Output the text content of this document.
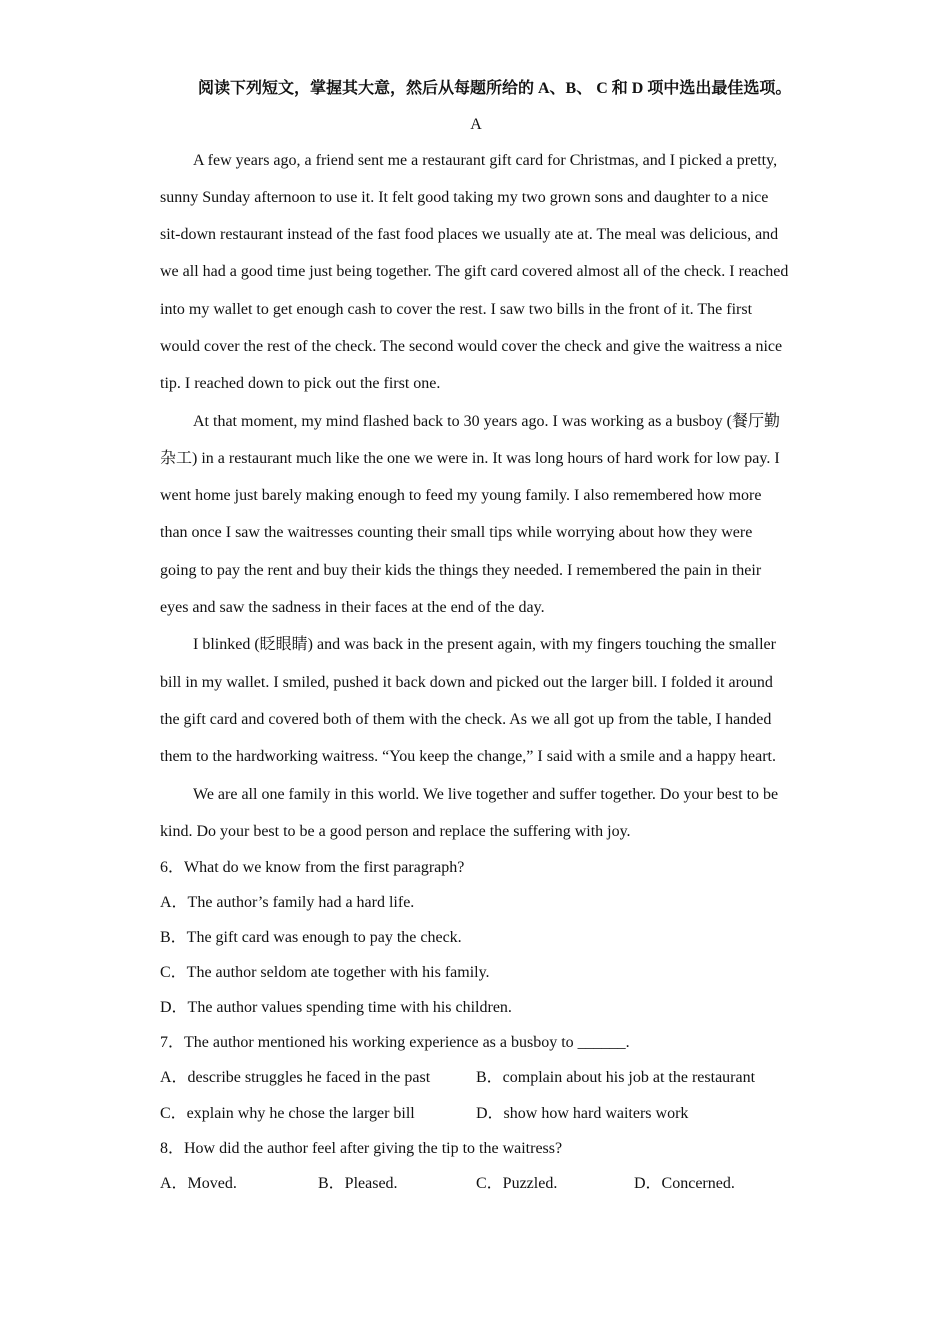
阅读下列短文，掌握其大意，然后从每题所给的 A、B、 C 和 D 项中选出最佳选项。

A

A few years ago, a friend sent me a restaurant gift card for Christmas, and I picked a pretty, sunny Sunday afternoon to use it. It felt good taking my two grown sons and daughter to a nice sit-down restaurant instead of the fast food places we usually ate at. The meal was delicious, and we all had a good time just being together. The gift card covered almost all of the check. I reached into my wallet to get enough cash to cover the rest. I saw two bills in the front of it. The first would cover the rest of the check. The second would cover the check and give the waitress a nice tip. I reached down to pick out the first one.

At that moment, my mind flashed back to 30 years ago. I was working as a busboy (餐厅勤杂工) in a restaurant much like the one we were in. It was long hours of hard work for low pay. I went home just barely making enough to feed my young family. I also remembered how more than once I saw the waitresses counting their small tips while worrying about how they were going to pay the rent and buy their kids the things they needed. I remembered the pain in their eyes and saw the sadness in their faces at the end of the day.

I blinked (眨眼睛) and was back in the present again, with my fingers touching the smaller bill in my wallet. I smiled, pushed it back down and picked out the larger bill. I folded it around the gift card and covered both of them with the check. As we all got up from the table, I handed them to the hardworking waitress. “You keep the change,” I said with a smile and a happy heart.

We are all one family in this world. We live together and suffer together. Do your best to be kind. Do your best to be a good person and replace the suffering with joy.

6．What do we know from the first paragraph?

A．The author’s family had a hard life.

B．The gift card was enough to pay the check.

C．The author seldom ate together with his family.

D．The author values spending time with his children.

7．The author mentioned his working experience as a busboy to ______.

A．describe struggles he faced in the past	B．complain about his job at the restaurant
C．explain why he chose the larger bill	D．show how hard waiters work

8．How did the author feel after giving the tip to the waitress?

A．Moved.	B．Pleased.	C．Puzzled.	D．Concerned.
